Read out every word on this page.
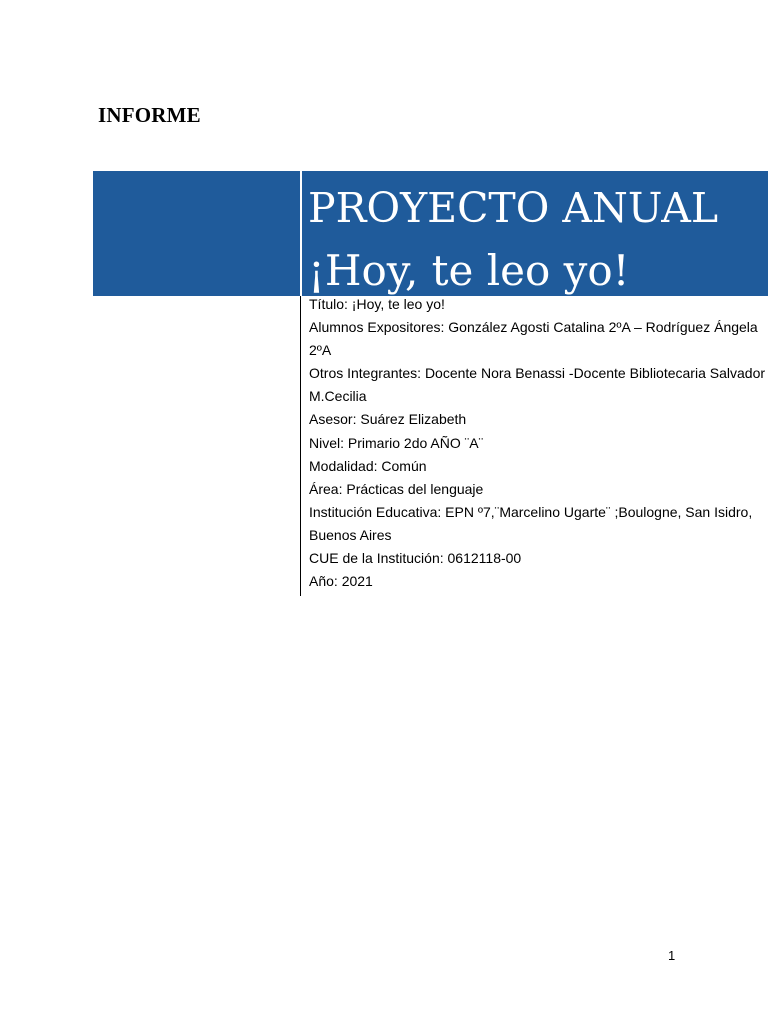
INFORME
PROYECTO ANUAL
¡Hoy, te leo yo!
Título: ¡Hoy, te leo yo!
Alumnos Expositores: González Agosti Catalina 2ºA – Rodríguez Ángela
2ºA
Otros Integrantes: Docente Nora Benassi -Docente Bibliotecaria Salvador
M.Cecilia
Asesor: Suárez Elizabeth
Nivel: Primario 2do AÑO ¨A¨
Modalidad: Común
Área: Prácticas del lenguaje
Institución Educativa: EPN º7,¨Marcelino Ugarte¨ ;Boulogne, San Isidro,
Buenos Aires
CUE de la Institución: 0612118-00
Año: 2021
1
